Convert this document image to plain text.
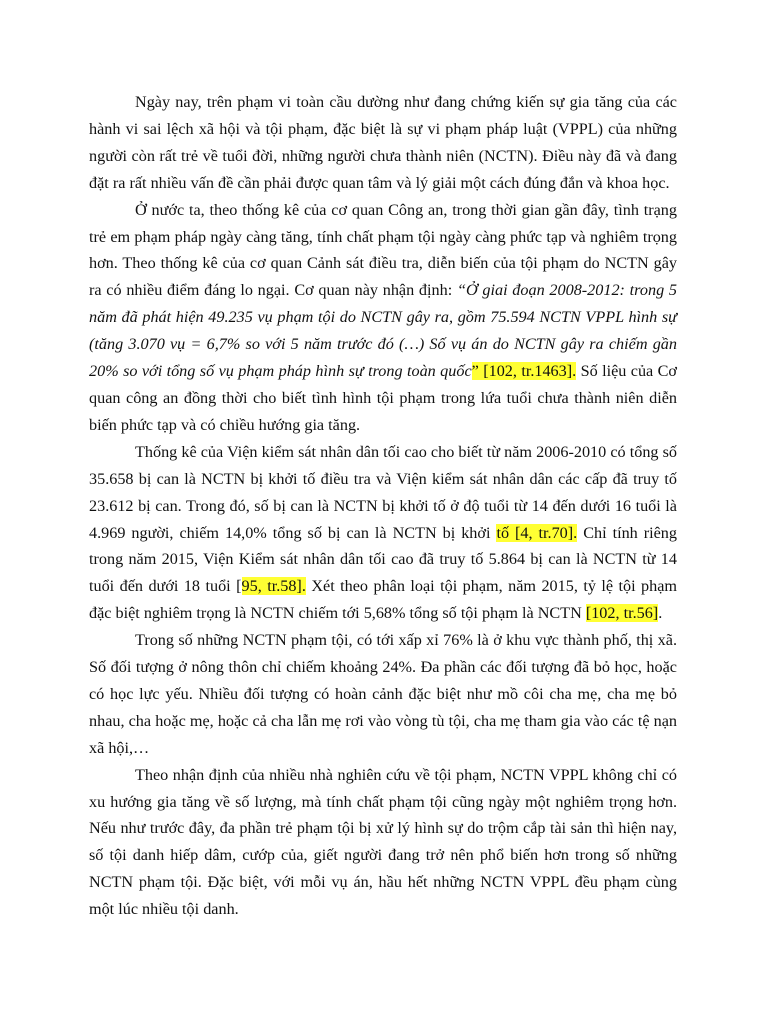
Ngày nay, trên phạm vi toàn cầu dường như đang chứng kiến sự gia tăng của các hành vi sai lệch xã hội và tội phạm, đặc biệt là sự vi phạm pháp luật (VPPL) của những người còn rất trẻ về tuổi đời, những người chưa thành niên (NCTN). Điều này đã và đang đặt ra rất nhiều vấn đề cần phải được quan tâm và lý giải một cách đúng đắn và khoa học.

Ở nước ta, theo thống kê của cơ quan Công an, trong thời gian gần đây, tình trạng trẻ em phạm pháp ngày càng tăng, tính chất phạm tội ngày càng phức tạp và nghiêm trọng hơn. Theo thống kê của cơ quan Cảnh sát điều tra, diễn biến của tội phạm do NCTN gây ra có nhiều điểm đáng lo ngại. Cơ quan này nhận định: “Ở giai đoạn 2008-2012: trong 5 năm đã phát hiện 49.235 vụ phạm tội do NCTN gây ra, gồm 75.594 NCTN VPPL hình sự (tăng 3.070 vụ = 6,7% so với 5 năm trước đó (…) Số vụ án do NCTN gây ra chiếm gần 20% so với tổng số vụ phạm pháp hình sự trong toàn quốc” [102, tr.1463]. Số liệu của Cơ quan công an đồng thời cho biết tình hình tội phạm trong lứa tuổi chưa thành niên diễn biến phức tạp và có chiều hướng gia tăng.

Thống kê của Viện kiểm sát nhân dân tối cao cho biết từ năm 2006-2010 có tổng số 35.658 bị can là NCTN bị khởi tố điều tra và Viện kiểm sát nhân dân các cấp đã truy tố 23.612 bị can. Trong đó, số bị can là NCTN bị khởi tố ở độ tuổi từ 14 đến dưới 16 tuổi là 4.969 người, chiếm 14,0% tổng số bị can là NCTN bị khởi tố [4, tr.70]. Chỉ tính riêng trong năm 2015, Viện Kiểm sát nhân dân tối cao đã truy tố 5.864 bị can là NCTN từ 14 tuổi đến dưới 18 tuổi [95, tr.58]. Xét theo phân loại tội phạm, năm 2015, tỷ lệ tội phạm đặc biệt nghiêm trọng là NCTN chiếm tới 5,68% tổng số tội phạm là NCTN [102, tr.56].

Trong số những NCTN phạm tội, có tới xấp xỉ 76% là ở khu vực thành phố, thị xã. Số đối tượng ở nông thôn chỉ chiếm khoảng 24%. Đa phần các đối tượng đã bỏ học, hoặc có học lực yếu. Nhiều đối tượng có hoàn cảnh đặc biệt như mồ côi cha mẹ, cha mẹ bỏ nhau, cha hoặc mẹ, hoặc cả cha lẫn mẹ rơi vào vòng tù tội, cha mẹ tham gia vào các tệ nạn xã hội,…

Theo nhận định của nhiều nhà nghiên cứu về tội phạm, NCTN VPPL không chỉ có xu hướng gia tăng về số lượng, mà tính chất phạm tội cũng ngày một nghiêm trọng hơn. Nếu như trước đây, đa phần trẻ phạm tội bị xử lý hình sự do trộm cắp tài sản thì hiện nay, số tội danh hiếp dâm, cướp của, giết người đang trở nên phổ biến hơn trong số những NCTN phạm tội. Đặc biệt, với mỗi vụ án, hầu hết những NCTN VPPL đều phạm cùng một lúc nhiều tội danh.
